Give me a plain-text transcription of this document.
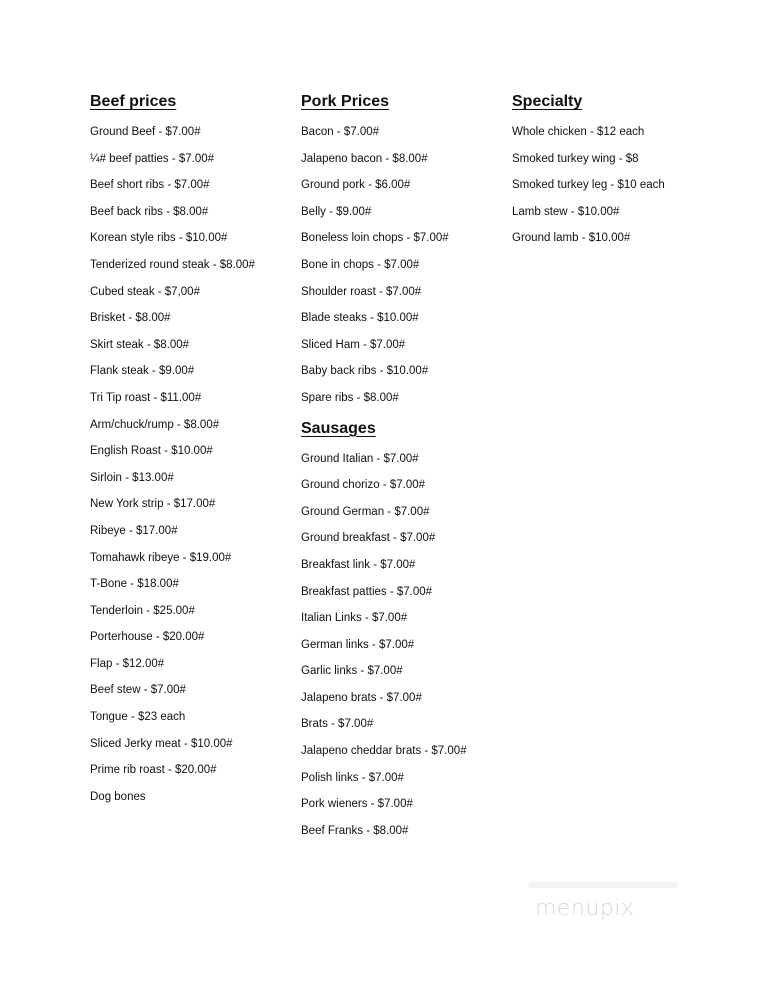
Beef prices
Ground Beef - $7.00#
¼# beef patties - $7.00#
Beef short ribs - $7.00#
Beef back ribs - $8.00#
Korean style ribs - $10.00#
Tenderized round steak - $8.00#
Cubed steak - $7,00#
Brisket - $8.00#
Skirt steak - $8.00#
Flank steak - $9.00#
Tri Tip roast - $11.00#
Arm/chuck/rump - $8.00#
English Roast - $10.00#
Sirloin - $13.00#
New York strip - $17.00#
Ribeye - $17.00#
Tomahawk ribeye - $19.00#
T-Bone - $18.00#
Tenderloin - $25.00#
Porterhouse - $20.00#
Flap - $12.00#
Beef stew - $7.00#
Tongue - $23 each
Sliced Jerky meat - $10.00#
Prime rib roast - $20.00#
Dog bones
Pork Prices
Bacon - $7.00#
Jalapeno bacon - $8.00#
Ground pork - $6.00#
Belly - $9.00#
Boneless loin chops - $7.00#
Bone in chops - $7.00#
Shoulder roast - $7.00#
Blade steaks - $10.00#
Sliced Ham - $7.00#
Baby back ribs - $10.00#
Spare ribs - $8.00#
Sausages
Ground Italian - $7.00#
Ground chorizo - $7.00#
Ground German - $7.00#
Ground breakfast - $7.00#
Breakfast link - $7.00#
Breakfast patties - $7.00#
Italian Links - $7.00#
German links - $7.00#
Garlic links - $7.00#
Jalapeno brats - $7.00#
Brats - $7.00#
Jalapeno cheddar brats - $7.00#
Polish links - $7.00#
Pork wieners - $7.00#
Beef Franks - $8.00#
Specialty
Whole chicken - $12 each
Smoked turkey wing - $8
Smoked turkey leg - $10 each
Lamb stew - $10.00#
Ground lamb - $10.00#
menupix
